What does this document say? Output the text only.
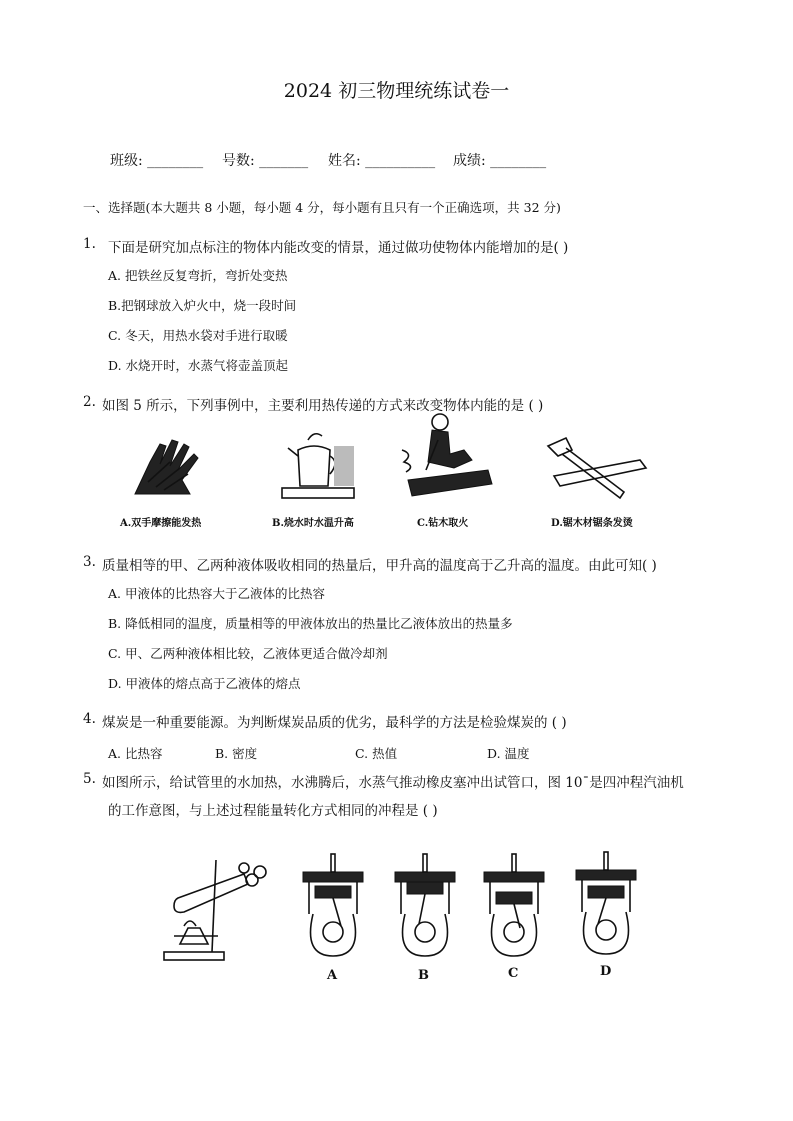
2024 初三物理统练试卷一
班级: ________ 号数: _______ 姓名: __________ 成绩: ________
一、选择题(本大题共 8 小题，每小题 4 分，每小题有且只有一个正确选项，共 32 分)
1. 下面是研究加点标注的物体内能改变的情景，通过做功使物体内能增加的是( )
A. 把铁丝反复弯折，弯折处变热
B.把钢球放入炉火中，烧一段时间
C. 冬天，用热水袋对手进行取暖
D. 水烧开时，水蒸气将壶盖顶起
2. 如图 5 所示，下列事例中，主要利用热传递的方式来改变物体内能的是 ( )
A.双手摩擦能发热	B.烧水时水温升高	C.钻木取火	D.锯木材锯条发烫
3. 质量相等的甲、乙两种液体吸收相同的热量后，甲升高的温度高于乙升高的温度。由此可知( )
A. 甲液体的比热容大于乙液体的比热容
B. 降低相同的温度，质量相等的甲液体放出的热量比乙液体放出的热量多
C. 甲、乙两种液体相比较，乙液体更适合做冷却剂
D. 甲液体的熔点高于乙液体的熔点
4. 煤炭是一种重要能源。为判断煤炭品质的优劣，最科学的方法是检验煤炭的 ( )
A. 比热容	B. 密度	C. 热值	D. 温度
5. 如图所示，给试管里的水加热，水沸腾后，水蒸气推动橡皮塞冲出试管口，图 10ˉ是四冲程汽油机
的工作意图，与上述过程能量转化方式相同的冲程是 ( )
A	B	C	D
